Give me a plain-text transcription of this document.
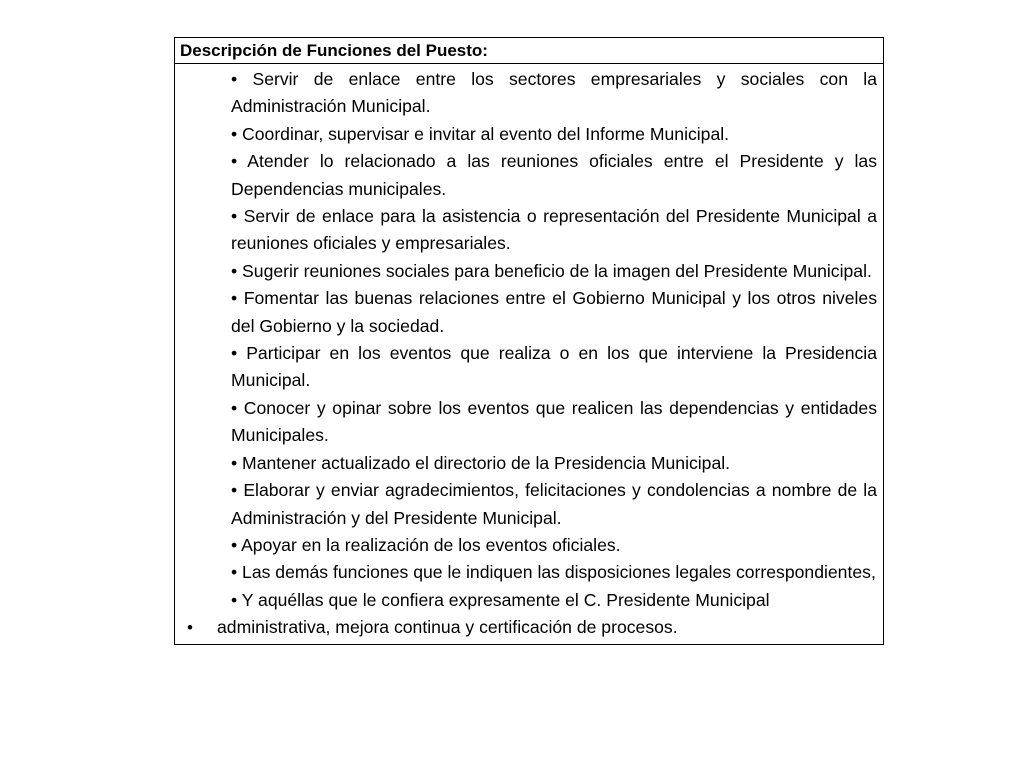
Descripción de Funciones del Puesto:
• Servir de enlace entre los sectores empresariales y sociales con la Administración Municipal.
• Coordinar, supervisar e invitar al evento del Informe Municipal.
• Atender lo relacionado a las reuniones oficiales entre el Presidente y las Dependencias municipales.
• Servir de enlace para la asistencia o representación del Presidente Municipal a reuniones oficiales y empresariales.
• Sugerir reuniones sociales para beneficio de la imagen del Presidente Municipal.
• Fomentar las buenas relaciones entre el Gobierno Municipal y los otros niveles del Gobierno y la sociedad.
• Participar en los eventos que realiza o en los que interviene la Presidencia Municipal.
• Conocer y opinar sobre los eventos que realicen las dependencias y entidades Municipales.
• Mantener actualizado el directorio de la Presidencia Municipal.
• Elaborar y enviar agradecimientos, felicitaciones y condolencias a nombre de la Administración y del Presidente Municipal.
• Apoyar en la realización de los eventos oficiales.
• Las demás funciones que le indiquen las disposiciones legales correspondientes,
• Y aquéllas que le confiera expresamente el C. Presidente Municipal
• administrativa, mejora continua y certificación de procesos.
